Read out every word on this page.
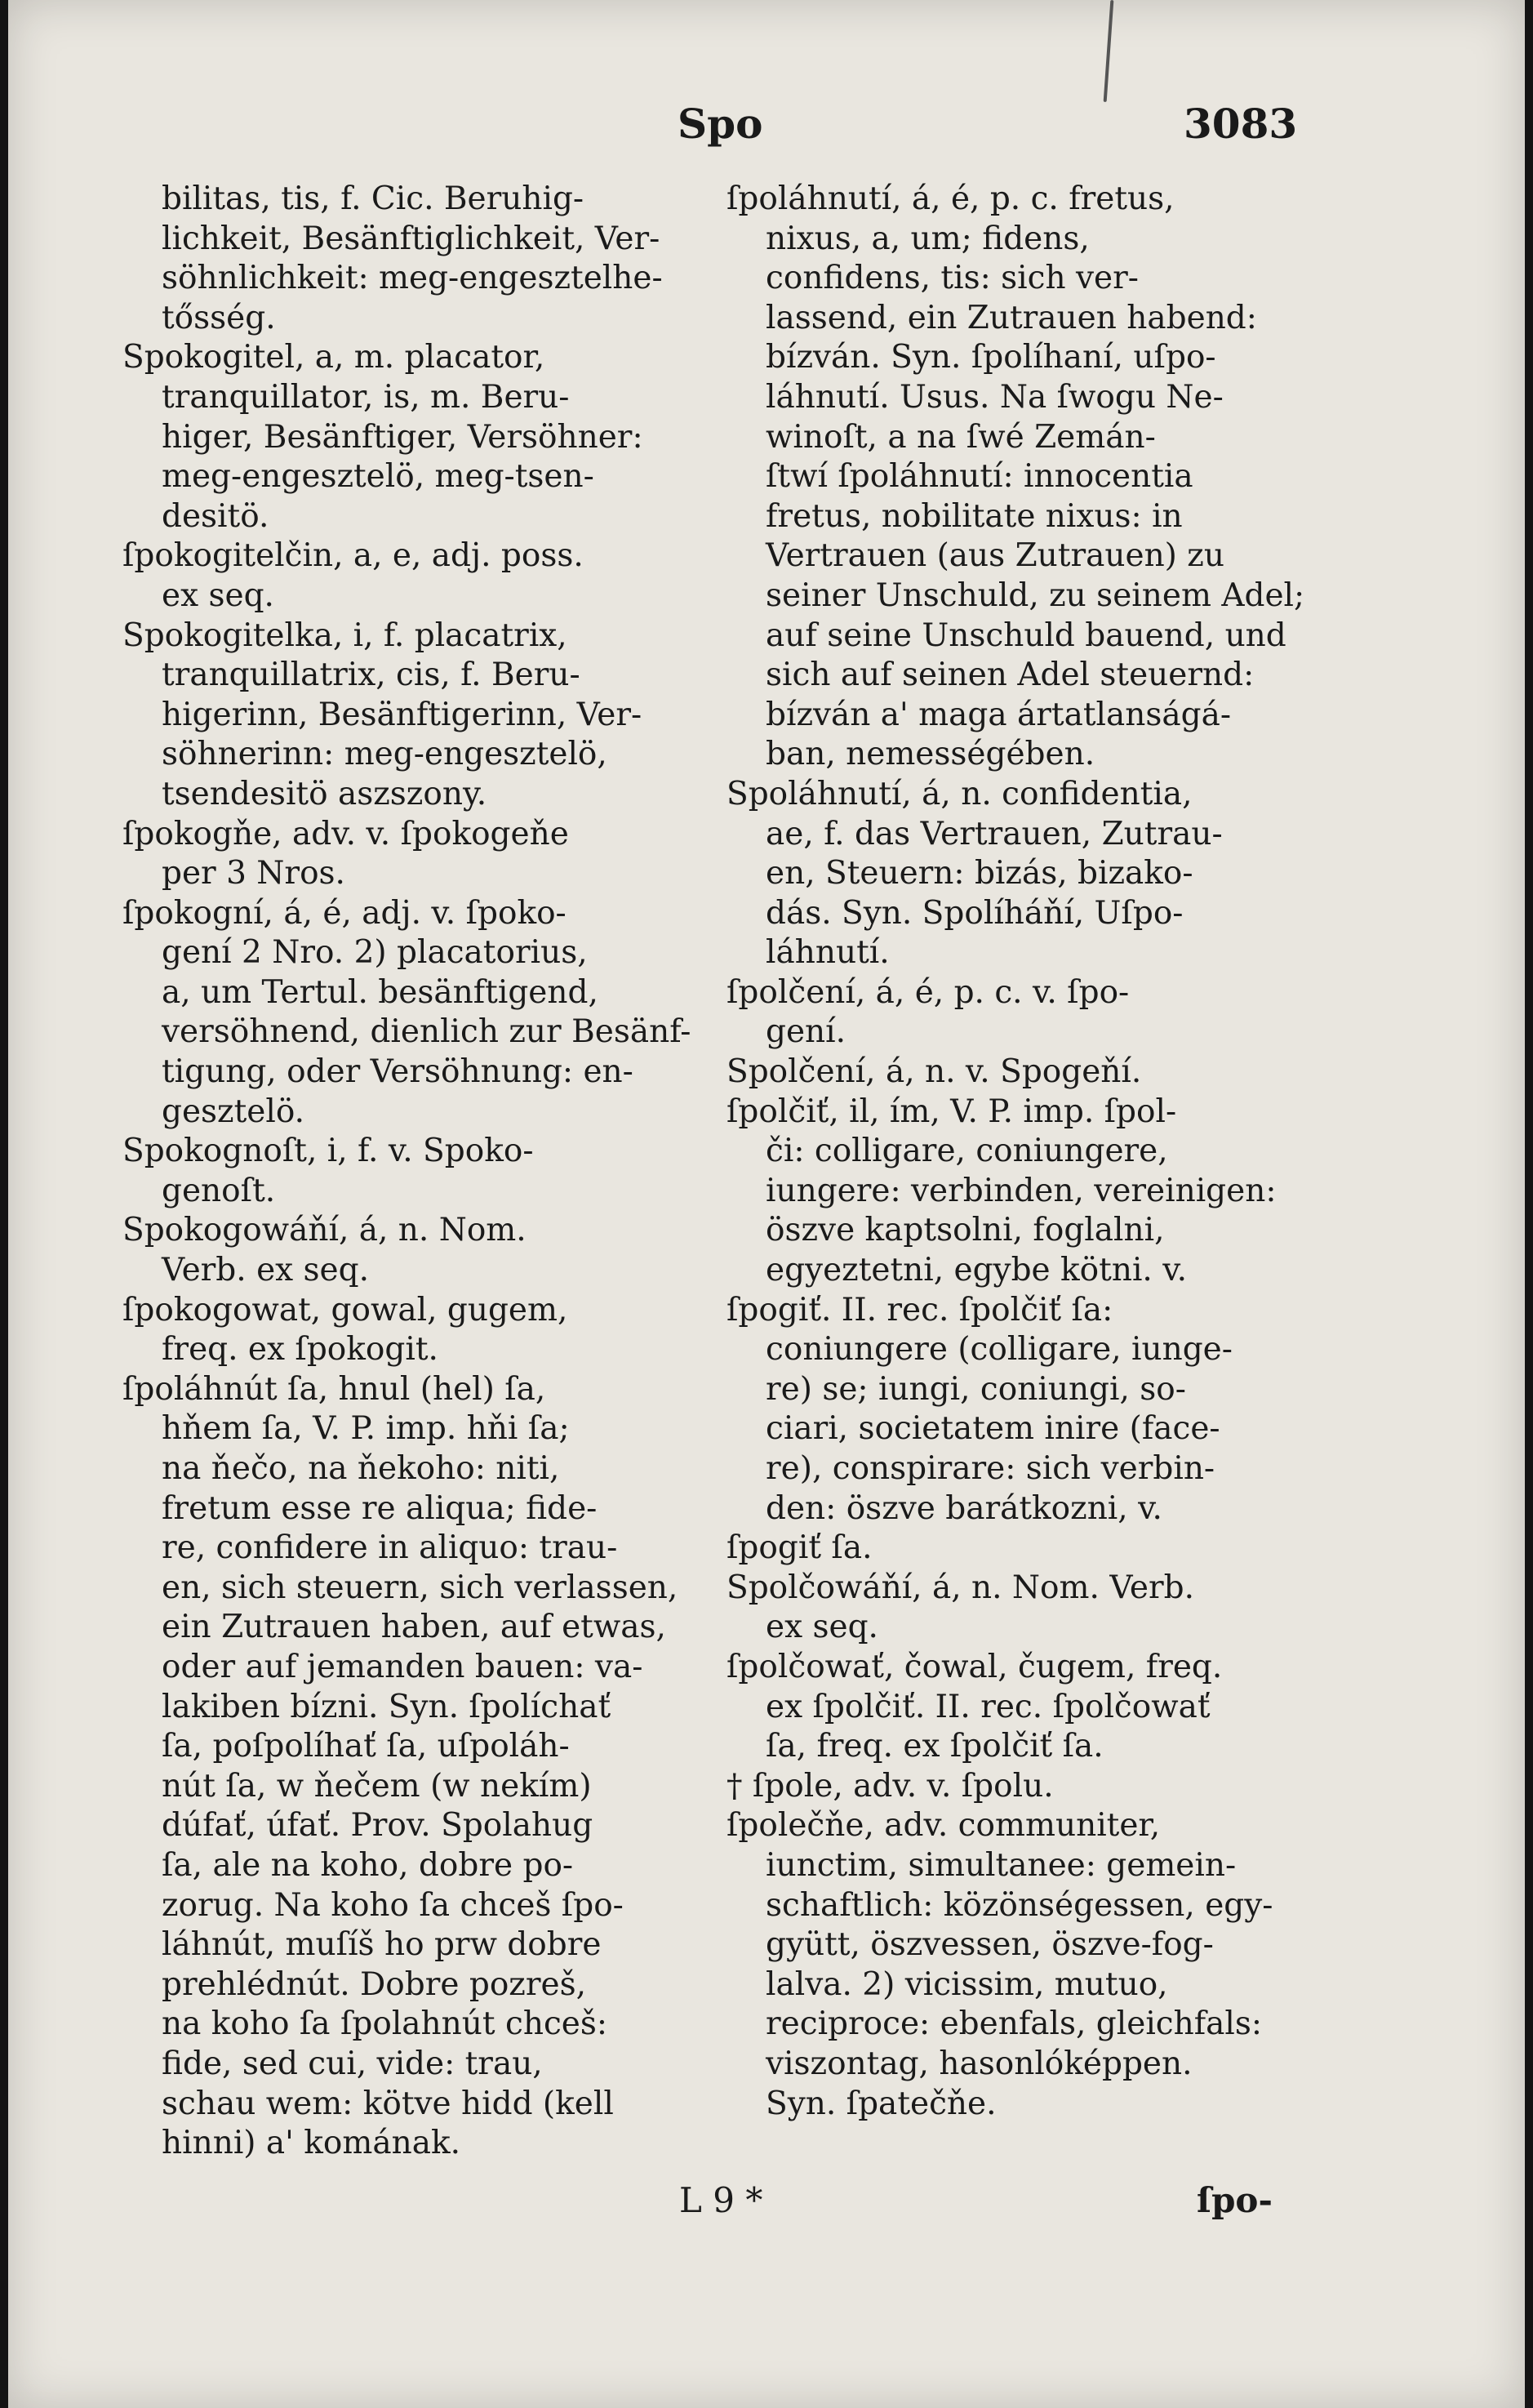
Spo	3083
bilitas, tis, f. Cic. Beruhig-
lichkeit, Besänftiglichkeit, Ver-
söhnlichkeit: meg-engesztelhe-
tősség.
Spokogitel, a, m. placator,
tranquillator, is, m. Beru-
higer, Besänftiger, Versöhner:
meg-engesztelö, meg-tsen-
desitö.
ſpokogitelčin, a, e, adj. poss.
ex seq.
Spokogitelka, i, f. placatrix,
tranquillatrix, cis, f. Beru-
higerinn, Besänftigerinn, Ver-
söhnerinn: meg-engesztelö,
tsendesitö aszszony.
ſpokogňe, adv. v. ſpokogeňe
per 3 Nros.
ſpokogní, á, é, adj. v. ſpoko-
gení 2 Nro. 2) placatorius,
a, um Tertul. besänftigend,
versöhnend, dienlich zur Besänf-
tigung, oder Versöhnung: en-
gesztelö.
Spokognoſt, i, f. v. Spoko-
genoſt.
Spokogowáňí, á, n. Nom.
Verb. ex seq.
ſpokogowat, gowal, gugem,
freq. ex ſpokogit.
ſpoláhnút ſa, hnul (hel) ſa,
hňem ſa, V. P. imp. hňi ſa;
na ňečo, na ňekoho: niti,
fretum esse re aliqua; fide-
re, confidere in aliquo: trau-
en, sich steuern, sich verlassen,
ein Zutrauen haben, auf etwas,
oder auf jemanden bauen: va-
lakiben bízni. Syn. ſpolíchať
ſa, poſpolíhať ſa, uſpoláh-
nút ſa, w ňečem (w nekím)
dúfať, úfať. Prov. Spolahug
ſa, ale na koho, dobre po-
zorug. Na koho ſa chceš ſpo-
láhnút, muſíš ho prw dobre
prehlédnút. Dobre pozreš,
na koho ſa ſpolahnút chceš:
fide, sed cui, vide: trau,
schau wem: kötve hidd (kell
hinni) a' komának.
ſpoláhnutí, á, é, p. c. fretus,
nixus, a, um; fidens,
confidens, tis: sich ver-
lassend, ein Zutrauen habend:
bízván. Syn. ſpolíhaní, uſpo-
láhnutí. Usus. Na ſwogu Ne-
winoſt, a na ſwé Zemán-
ſtwí ſpoláhnutí: innocentia
fretus, nobilitate nixus: in
Vertrauen (aus Zutrauen) zu
seiner Unschuld, zu seinem Adel;
auf seine Unschuld bauend, und
sich auf seinen Adel steuernd:
bízván a' maga ártatlanságá-
ban, nemességében.
Spoláhnutí, á, n. confidentia,
ae, f. das Vertrauen, Zutrau-
en, Steuern: bizás, bizako-
dás. Syn. Spolíháňí, Uſpo-
láhnutí.
ſpolčení, á, é, p. c. v. ſpo-
gení.
Spolčení, á, n. v. Spogeňí.
ſpolčiť, il, ím, V. P. imp. ſpol-
či: colligare, coniungere,
iungere: verbinden, vereinigen:
öszve kaptsolni, foglalni,
egyeztetni, egybe kötni. v.
ſpogiť. II. rec. ſpolčiť ſa:
coniungere (colligare, iunge-
re) se; iungi, coniungi, so-
ciari, societatem inire (face-
re), conspirare: sich verbin-
den: öszve barátkozni, v.
ſpogiť ſa.
Spolčowáňí, á, n. Nom. Verb.
ex seq.
ſpolčowať, čowal, čugem, freq.
ex ſpolčiť. II. rec. ſpolčowať
ſa, freq. ex ſpolčiť ſa.
† ſpole, adv. v. ſpolu.
ſpolečňe, adv. communiter,
iunctim, simultanee: gemein-
schaftlich: közönségessen, egy-
gyütt, öszvessen, öszve-fog-
lalva. 2) vicissim, mutuo,
reciproce: ebenfals, gleichfals:
viszontag, hasonlóképpen.
Syn. ſpatečňe.
L 9 *	ſpo-
